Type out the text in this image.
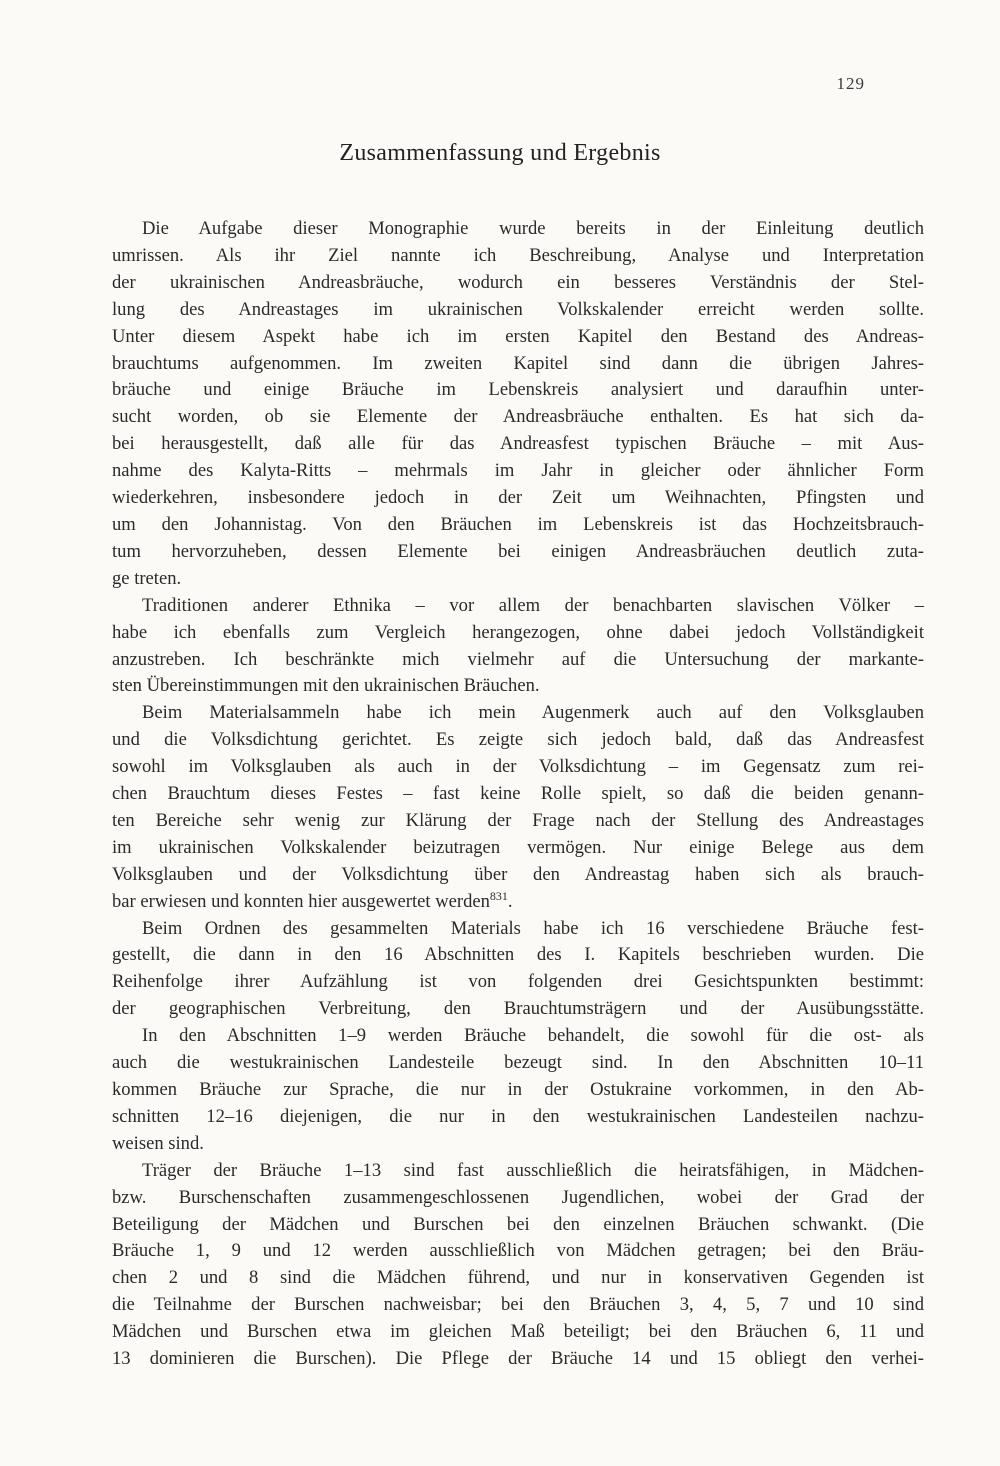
129
Zusammenfassung und Ergebnis
Die Aufgabe dieser Monographie wurde bereits in der Einleitung deutlich
umrissen. Als ihr Ziel nannte ich Beschreibung, Analyse und Interpretation
der ukrainischen Andreasbräuche, wodurch ein besseres Verständnis der Stel-
lung des Andreastages im ukrainischen Volkskalender erreicht werden sollte.
Unter diesem Aspekt habe ich im ersten Kapitel den Bestand des Andreas-
brauchtums aufgenommen. Im zweiten Kapitel sind dann die übrigen Jahres-
bräuche und einige Bräuche im Lebenskreis analysiert und daraufhin unter-
sucht worden, ob sie Elemente der Andreasbräuche enthalten. Es hat sich da-
bei herausgestellt, daß alle für das Andreasfest typischen Bräuche – mit Aus-
nahme des Kalyta-Ritts – mehrmals im Jahr in gleicher oder ähnlicher Form
wiederkehren, insbesondere jedoch in der Zeit um Weihnachten, Pfingsten und
um den Johannistag. Von den Bräuchen im Lebenskreis ist das Hochzeitsbrauch-
tum hervorzuheben, dessen Elemente bei einigen Andreasbräuchen deutlich zuta-
ge treten.
Traditionen anderer Ethnika – vor allem der benachbarten slavischen Völker –
habe ich ebenfalls zum Vergleich herangezogen, ohne dabei jedoch Vollständigkeit
anzustreben. Ich beschränkte mich vielmehr auf die Untersuchung der markante-
sten Übereinstimmungen mit den ukrainischen Bräuchen.
Beim Materialsammeln habe ich mein Augenmerk auch auf den Volksglauben
und die Volksdichtung gerichtet. Es zeigte sich jedoch bald, daß das Andreasfest
sowohl im Volksglauben als auch in der Volksdichtung – im Gegensatz zum rei-
chen Brauchtum dieses Festes – fast keine Rolle spielt, so daß die beiden genann-
ten Bereiche sehr wenig zur Klärung der Frage nach der Stellung des Andreastages
im ukrainischen Volkskalender beizutragen vermögen. Nur einige Belege aus dem
Volksglauben und der Volksdichtung über den Andreastag haben sich als brauch-
bar erwiesen und konnten hier ausgewertet werden$^{831}$.
Beim Ordnen des gesammelten Materials habe ich 16 verschiedene Bräuche fest-
gestellt, die dann in den 16 Abschnitten des I. Kapitels beschrieben wurden. Die
Reihenfolge ihrer Aufzählung ist von folgenden drei Gesichtspunkten bestimmt:
der geographischen Verbreitung, den Brauchtumsträgern und der Ausübungsstätte.
In den Abschnitten 1–9 werden Bräuche behandelt, die sowohl für die ost- als
auch die westukrainischen Landesteile bezeugt sind. In den Abschnitten 10–11
kommen Bräuche zur Sprache, die nur in der Ostukraine vorkommen, in den Ab-
schnitten 12–16 diejenigen, die nur in den westukrainischen Landesteilen nachzu-
weisen sind.
Träger der Bräuche 1–13 sind fast ausschließlich die heiratsfähigen, in Mädchen-
bzw. Burschenschaften zusammengeschlossenen Jugendlichen, wobei der Grad der
Beteiligung der Mädchen und Burschen bei den einzelnen Bräuchen schwankt. (Die
Bräuche 1, 9 und 12 werden ausschließlich von Mädchen getragen; bei den Bräu-
chen 2 und 8 sind die Mädchen führend, und nur in konservativen Gegenden ist
die Teilnahme der Burschen nachweisbar; bei den Bräuchen 3, 4, 5, 7 und 10 sind
Mädchen und Burschen etwa im gleichen Maß beteiligt; bei den Bräuchen 6, 11 und
13 dominieren die Burschen). Die Pflege der Bräuche 14 und 15 obliegt den verhei-
